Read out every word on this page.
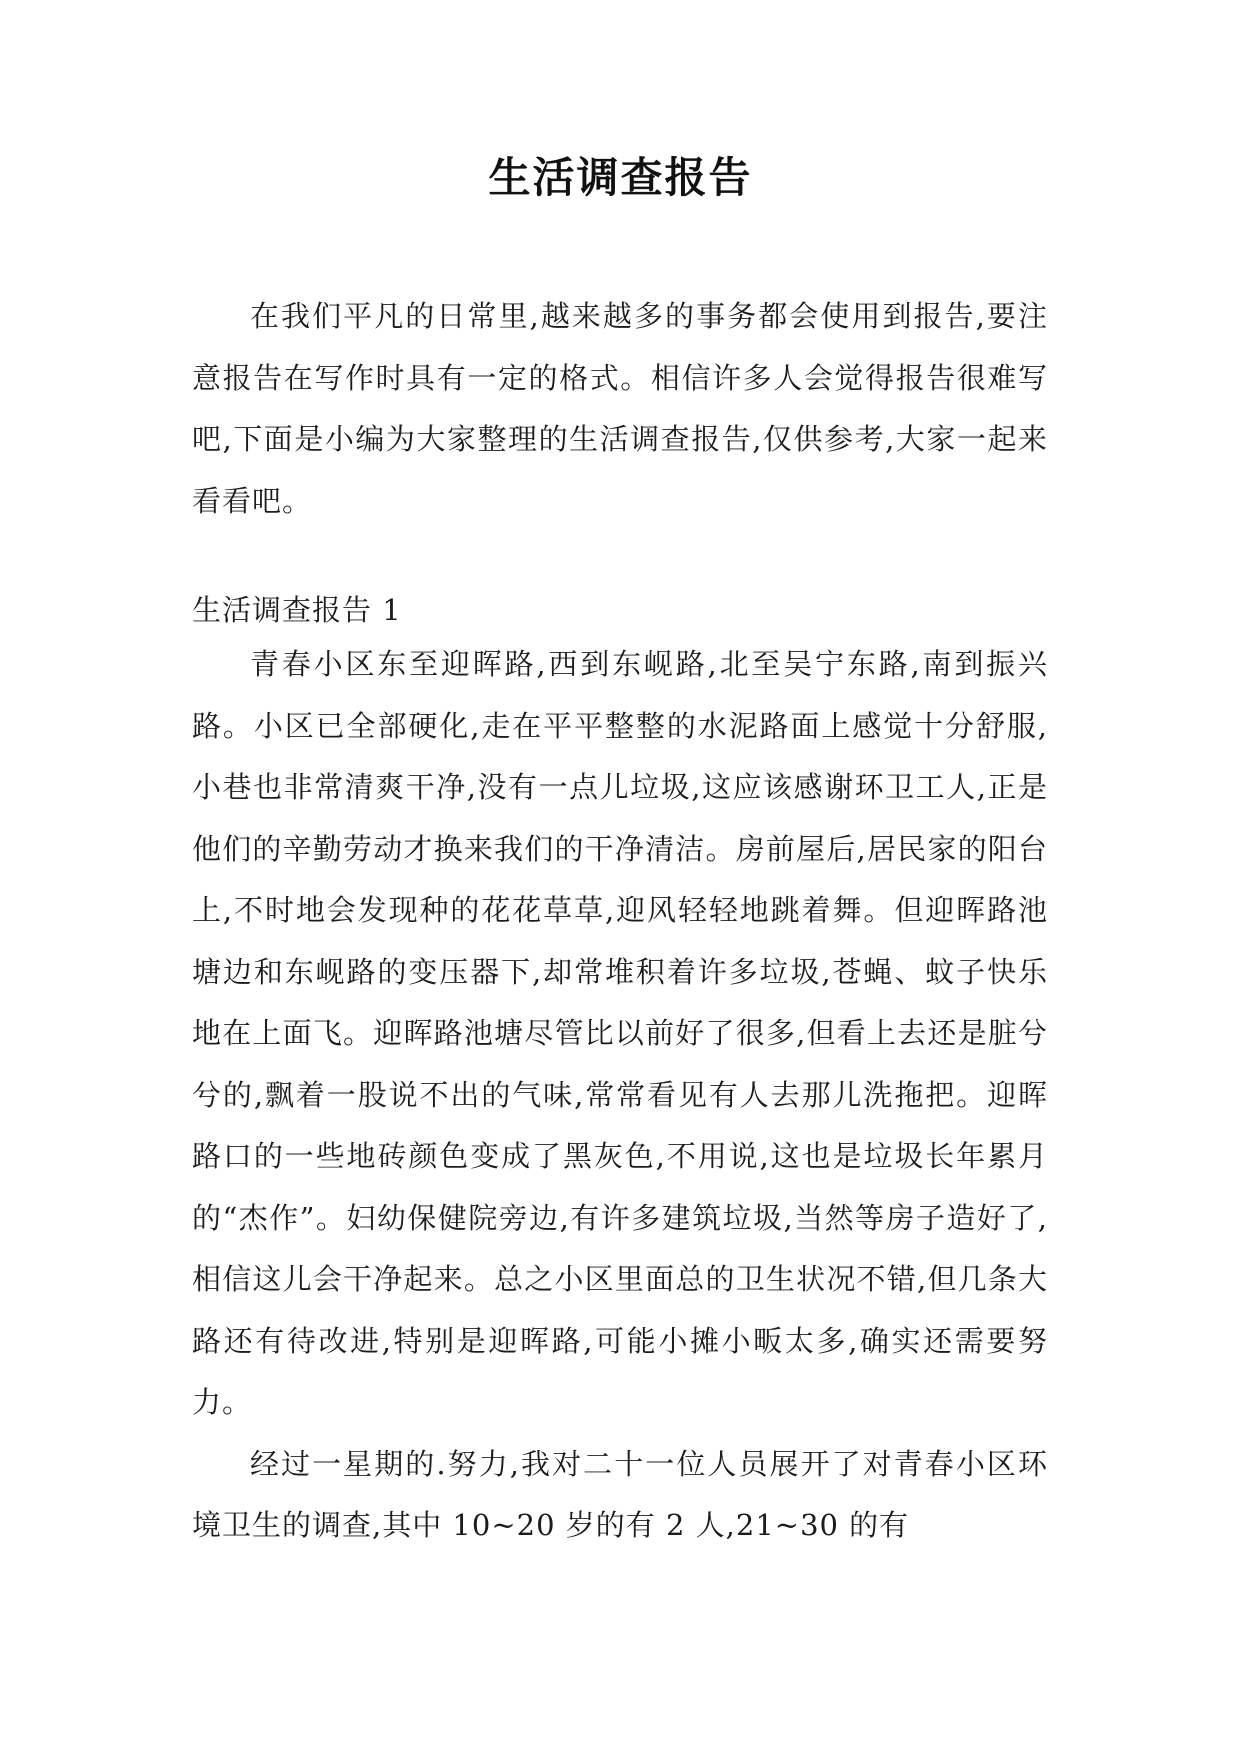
生活调查报告

在我们平凡的日常里,越来越多的事务都会使用到报告,要注意报告在写作时具有一定的格式。相信许多人会觉得报告很难写吧,下面是小编为大家整理的生活调查报告,仅供参考,大家一起来看看吧。

生活调查报告 1

青春小区东至迎晖路,西到东岘路,北至吴宁东路,南到振兴路。小区已全部硬化,走在平平整整的水泥路面上感觉十分舒服,小巷也非常清爽干净,没有一点儿垃圾,这应该感谢环卫工人,正是他们的辛勤劳动才换来我们的干净清洁。房前屋后,居民家的阳台上,不时地会发现种的花花草草,迎风轻轻地跳着舞。但迎晖路池塘边和东岘路的变压器下,却常堆积着许多垃圾,苍蝇、蚊子快乐地在上面飞。迎晖路池塘尽管比以前好了很多,但看上去还是脏兮兮的,飘着一股说不出的气味,常常看见有人去那儿洗拖把。迎晖路口的一些地砖颜色变成了黑灰色,不用说,这也是垃圾长年累月的“杰作”。妇幼保健院旁边,有许多建筑垃圾,当然等房子造好了,相信这儿会干净起来。总之小区里面总的卫生状况不错,但几条大路还有待改进,特别是迎晖路,可能小摊小畈太多,确实还需要努力。

经过一星期的.努力,我对二十一位人员展开了对青春小区环境卫生的调查,其中 10~20 岁的有 2 人,21~30 的有
